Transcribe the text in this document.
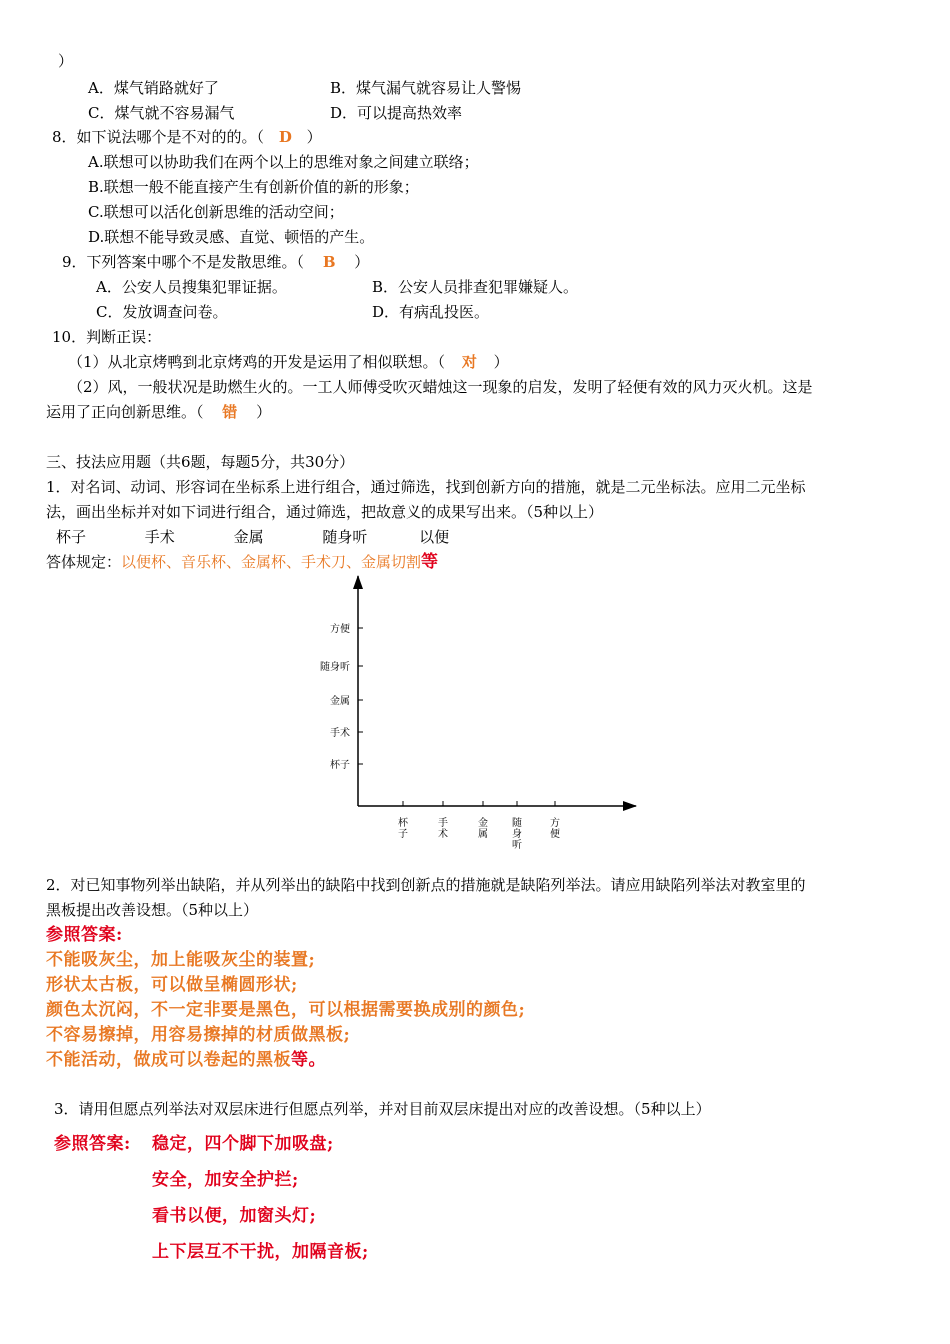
）
A．煤气销路就好了	B．煤气漏气就容易让人警惕
C．煤气就不容易漏气	D．可以提高热效率
8．如下说法哪个是不对的的。（ D ）
A.联想可以协助我们在两个以上的思维对象之间建立联络；
B.联想一般不能直接产生有创新价值的新的形象；
C.联想可以活化创新思维的活动空间；
D.联想不能导致灵感、直觉、顿悟的产生。
9．下列答案中哪个不是发散思维。（ B ）
A．公安人员搜集犯罪证据。	B．公安人员排查犯罪嫌疑人。
C．发放调查问卷。	D．有病乱投医。
10．判断正误：
（1）从北京烤鸭到北京烤鸡的开发是运用了相似联想。（ 对 ）
（2）风，一般状况是助燃生火的。一工人师傅受吹灭蜡烛这一现象的启发，发明了轻便有效的风力灭火机。这是
运用了正向创新思维。（ 错 ）
三、技法应用题（共6题，每题5分，共30分）
1．对名词、动词、形容词在坐标系上进行组合，通过筛选，找到创新方向的措施，就是二元坐标法。应用二元坐标
法，画出坐标并对如下词进行组合，通过筛选，把故意义的成果写出来。（5种以上）
杯子	手术	金属	随身听	以便
答体规定：以便杯、音乐杯、金属杯、手术刀、金属切割等
杯子
手术
金属
随身听
方便
杯子
手术
金属
随身听
方便
2．对已知事物列举出缺陷，并从列举出的缺陷中找到创新点的措施就是缺陷列举法。请应用缺陷列举法对教室里的
黑板提出改善设想。（5种以上）
参照答案:
不能吸灰尘，加上能吸灰尘的装置;
形状太古板，可以做呈椭圆形状;
颜色太沉闷，不一定非要是黑色，可以根据需要换成别的颜色;
不容易擦掉，用容易擦掉的材质做黑板;
不能活动，做成可以卷起的黑板等。
3．请用但愿点列举法对双层床进行但愿点列举，并对目前双层床提出对应的改善设想。（5种以上）
参照答案: 稳定，四个脚下加吸盘;
安全，加安全护拦;
看书以便，加窗头灯;
上下层互不干扰，加隔音板;
